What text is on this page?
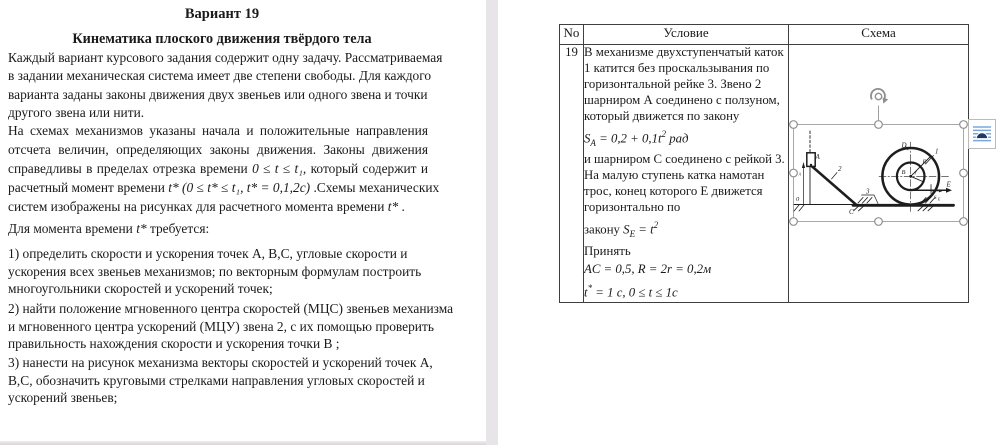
Вариант 19
Кинематика плоского движения твёрдого тела
Каждый вариант курсового задания содержит одну задачу. Рассматриваемая
в задании механическая система имеет две степени свободы. Для каждого
варианта заданы законы движения двух звеньев или одного звена и точки
другого звена или нити.
На схемах механизмов указаны начала и положительные направления
отсчета величин, определяющих законы движения. Законы движения
справедливы в пределах отрезка времени 0 ≤ t ≤ t₁, который содержит и
расчетный момент времени t* (0 ≤ t* ≤ t₁, t* = 0,1,2с) .Схемы механических
систем изображены на рисунках для расчетного момента времени t* .
Для момента времени t* требуется:
1) определить скорости и ускорения точек А, В,С, угловые скорости и
ускорения всех звеньев механизмов; по векторным формулам построить
многоугольники скоростей и ускорений точек;
2) найти положение мгновенного центра скоростей (МЦС) звеньев механизма
и мгновенного центра ускорений (МЦУ) звена 2, с их помощью проверить
правильность нахождения скорости и ускорения точки В ;
3) нанести на рисунок механизма векторы скоростей и ускорений точек А,
В,С, обозначить круговыми стрелками направления угловых скоростей и
ускорений звеньев;
No	Условие	Схема
19	В механизме двухступенчатый каток
1 катится без проскальзывания по
горизонтальной рейке 3. Звено 2
шарниром А соединено с ползуном,
который движется по закону
$S_A = 0,2 + 0,1t^2$ рад
и шарниром С соединено с рейкой 3.
На малую ступень катка намотан
трос, конец которого Е движется
горизонтально по
закону $S_E = t^2$
Принять
AC = 0,5, R = 2r = 0,2м
t* = 1 c, 0 ≤ t ≤ 1c

A
2
C
3
B
D
R
r
1
E
0
A
S E
